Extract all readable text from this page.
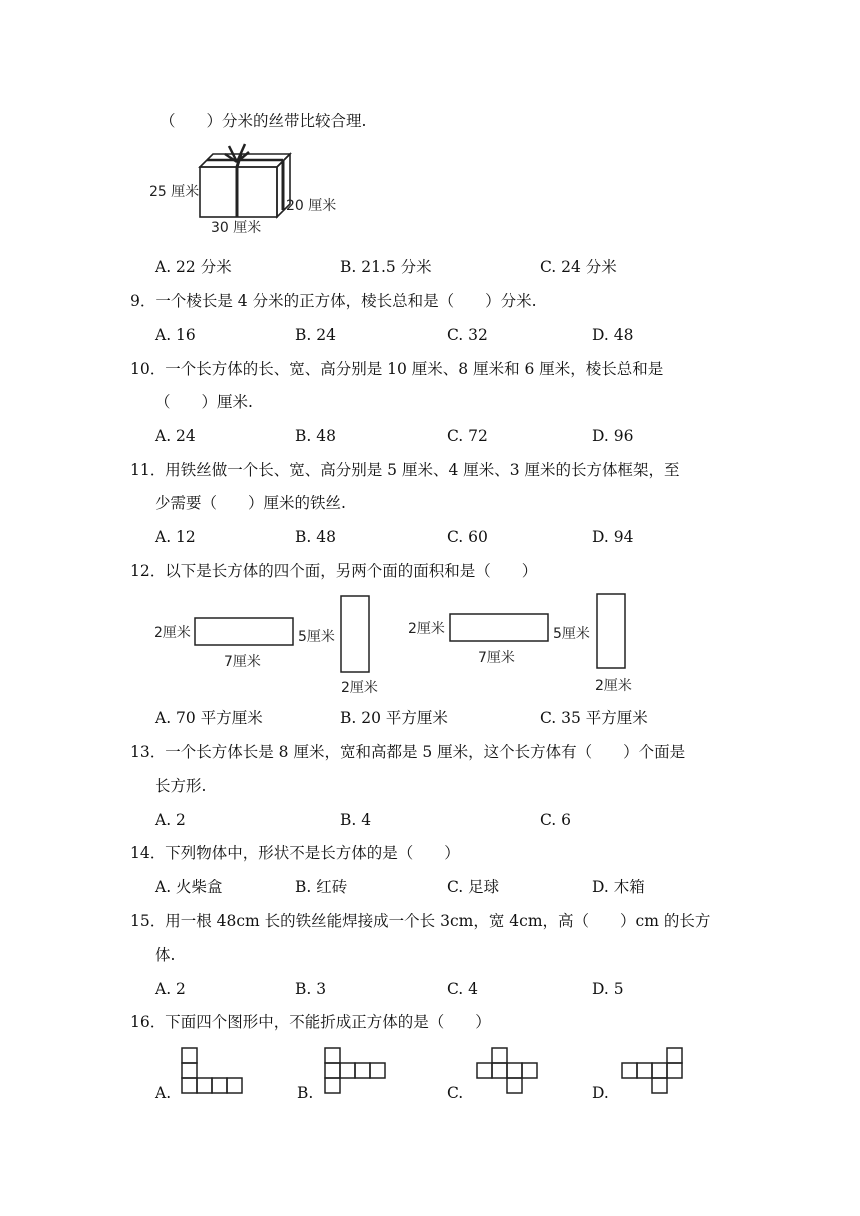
（　　）分米的丝带比较合理.
25 厘米
20 厘米
30 厘米
A. 22 分米	B. 21.5 分米	C. 24 分米
9．一个棱长是 4 分米的正方体，棱长总和是（　　）分米.
A. 16	B. 24	C. 32	D. 48
10．一个长方体的长、宽、高分别是 10 厘米、8 厘米和 6 厘米，棱长总和是
（　　）厘米.
A. 24	B. 48	C. 72	D. 96
11．用铁丝做一个长、宽、高分别是 5 厘米、4 厘米、3 厘米的长方体框架，至
少需要（　　）厘米的铁丝.
A. 12	B. 48	C. 60	D. 94
12．以下是长方体的四个面，另两个面的面积和是（　　）
2厘米
7厘米
5厘米
2厘米
2厘米
7厘米
5厘米
2厘米
A. 70 平方厘米	B. 20 平方厘米	C. 35 平方厘米
13．一个长方体长是 8 厘米，宽和高都是 5 厘米，这个长方体有（　　）个面是
长方形.
A. 2	B. 4	C. 6
14．下列物体中，形状不是长方体的是（　　）
A. 火柴盒	B. 红砖	C. 足球	D. 木箱
15．用一根 48cm 长的铁丝能焊接成一个长 3cm，宽 4cm，高（　　）cm 的长方
体.
A. 2	B. 3	C. 4	D. 5
16．下面四个图形中，不能折成正方体的是（　　）
A.	B.	C.	D.
